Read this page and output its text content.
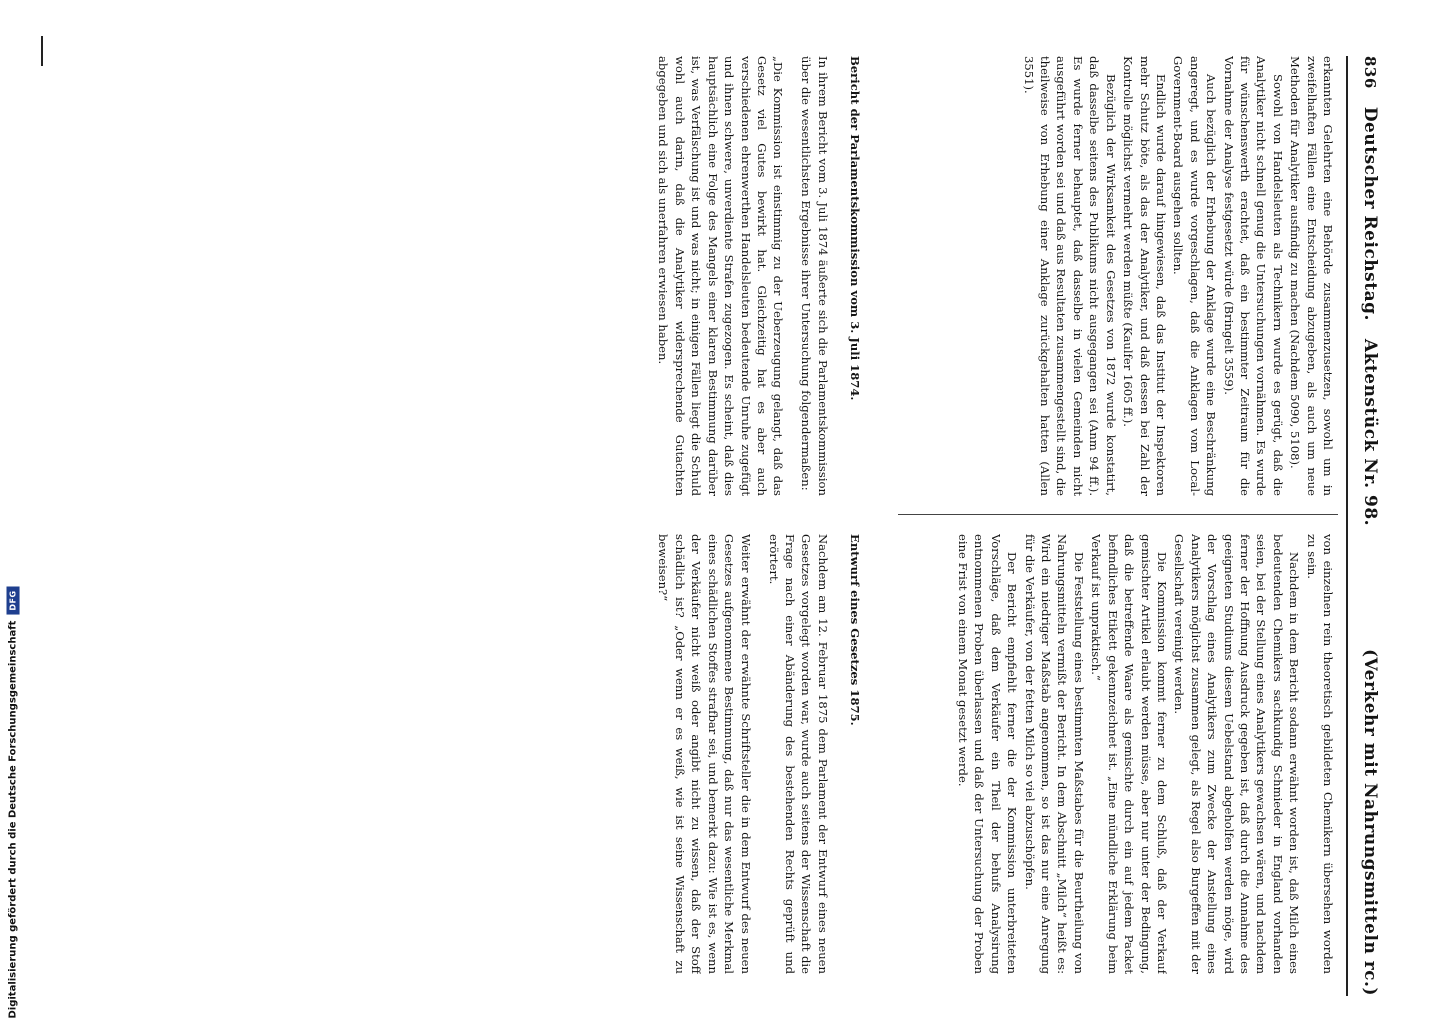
Digitalisierung gefördert durch die Deutsche Forschungsgemeinschaft
DFG
836
Deutscher Reichstag.
Aktenstück Nr. 98.
(Verkehr mit Nahrungsmitteln rc.)

erkannten Gelehrten eine Behörde zusammenzusetzen, sowohl um in zweifelhaften Fällen eine Entscheidung abzugeben, als auch um neue Methoden für Analytiker ausfindig zu machen (Nachdem 5090, 5108).

Sowohl von Handelsleuten als Technikern wurde es gerügt, daß die Analytiker nicht schnell genug die Untersuchungen vornähmen. Es wurde für wünschenswerth erachtet, daß ein bestimmter Zeitraum für die Vornahme der Analyse festgesetzt würde (Bringelt 3559).

Auch bezüglich der Erhebung der Anklage wurde eine Beschränkung angeregt, und es wurde vorgeschlagen, daß die Anklagen vom Local-Government-Board ausgehen sollten.

Endlich wurde darauf hingewiesen, daß das Institut der Inspektoren mehr Schutz böte, als das der Analytiker, und daß dessen bei Zahl der Kontrolle möglichst vermehrt werden müßte (Kaulfer 1605 ff.).

Bezüglich der Wirksamkeit des Gesetzes von 1872 wurde konstatirt, daß dasselbe seitens des Publikums nicht ausgegangen sei (Anm 94 ff.). Es wurde ferner behauptet, daß dasselbe in vielen Gemeinden nicht ausgeführt worden sei und daß aus Resultaten zusammengestellt sind, die theilweise von Erhebung einer Anklage zurückgehalten hatten (Allen 3551).

von einzelnen rein theoretisch gebildeten Chemikern übersehen worden zu sein.

Nachdem in dem Bericht sodann erwähnt worden ist, daß Milch eines bedeutenden Chemikers sachkundig Schmieder in England vorhanden seien, bei der Stellung eines Analytikers gewachsen wären, und nachdem ferner der Hoffnung Ausdruck gegeben ist, daß durch die Annahme des geeigneten Studiums diesem Uebelstand abgeholfen werden möge, wird der Vorschlag eines Analytikers zum Zwecke der Anstellung eines Analytikers möglichst zusammen gelegt, als Regel also Burgeffen mit der Gesellschaft vereinigt werden.

Die Kommission kommt ferner zu dem Schluß, daß der Verkauf gemischter Artikel erlaubt werden müsse, aber nur unter der Bedingung, daß die betreffende Waare als gemischte durch ein auf jedem Packet befindliches Etikett gekennzeichnet ist. „Eine mündliche Erklärung beim Verkauf ist unpraktisch.“

Die Feststellung eines bestimmten Maßstabes für die Beurtheilung von Nahrungsmitteln vermißt der Bericht. In dem Abschnitt „Milch“ heißt es: Wird ein niedriger Maßstab angenommen, so ist das nur eine Anregung für die Verkäufer, von der fetten Milch so viel abzuschöpfen.

Der Bericht empfiehlt ferner die der Kommission unterbreiteten Vorschläge, daß dem Verkäufer ein Theil der behufs Analysirung entnommenen Proben überlassen und daß der Untersuchung der Proben eine Frist von einem Monat gesetzt werde.

Bericht der Parlamentskommission vom 3. Juli 1874.

In ihrem Bericht vom 3. Juli 1874 äußerte sich die Parlamentskommission über die wesentlichsten Ergebnisse ihrer Untersuchung folgendermaßen:

„Die Kommission ist einstimmig zu der Ueberzeugung gelangt, daß das Gesetz viel Gutes bewirkt hat. Gleichzeitig hat es aber auch verschiedenen ehrenwerthen Handelsleuten bedeutende Unruhe zugefügt und ihnen schwere, unverdiente Strafen zugezogen. Es scheint, daß dies hauptsächlich eine Folge des Mangels einer klaren Bestimmung darüber ist, was Verfälschung ist und was nicht; in einigen Fällen liegt die Schuld wohl auch darin, daß die Analytiker widersprechende Gutachten abgegeben und sich als unerfahren erwiesen haben.

Entwurf eines Gesetzes 1875.

Nachdem am 12. Februar 1875 dem Parlament der Entwurf eines neuen Gesetzes vorgelegt worden war, wurde auch seitens der Wissenschaft die Frage nach einer Abänderung des bestehenden Rechts geprüft und erörtert.

Weiter erwähnt der erwähnte Schriftsteller die in dem Entwurf des neuen Gesetzes aufgenommene Bestimmung, daß nur das wesentliche Merkmal eines schädlichen Stoffes strafbar sei, und bemerkt dazu: Wie ist es, wenn der Verkäufer nicht weiß oder angibt nicht zu wissen, daß der Stoff schädlich ist? „Oder wenn er es weiß, wie ist seine Wissenschaft zu beweisen?“
